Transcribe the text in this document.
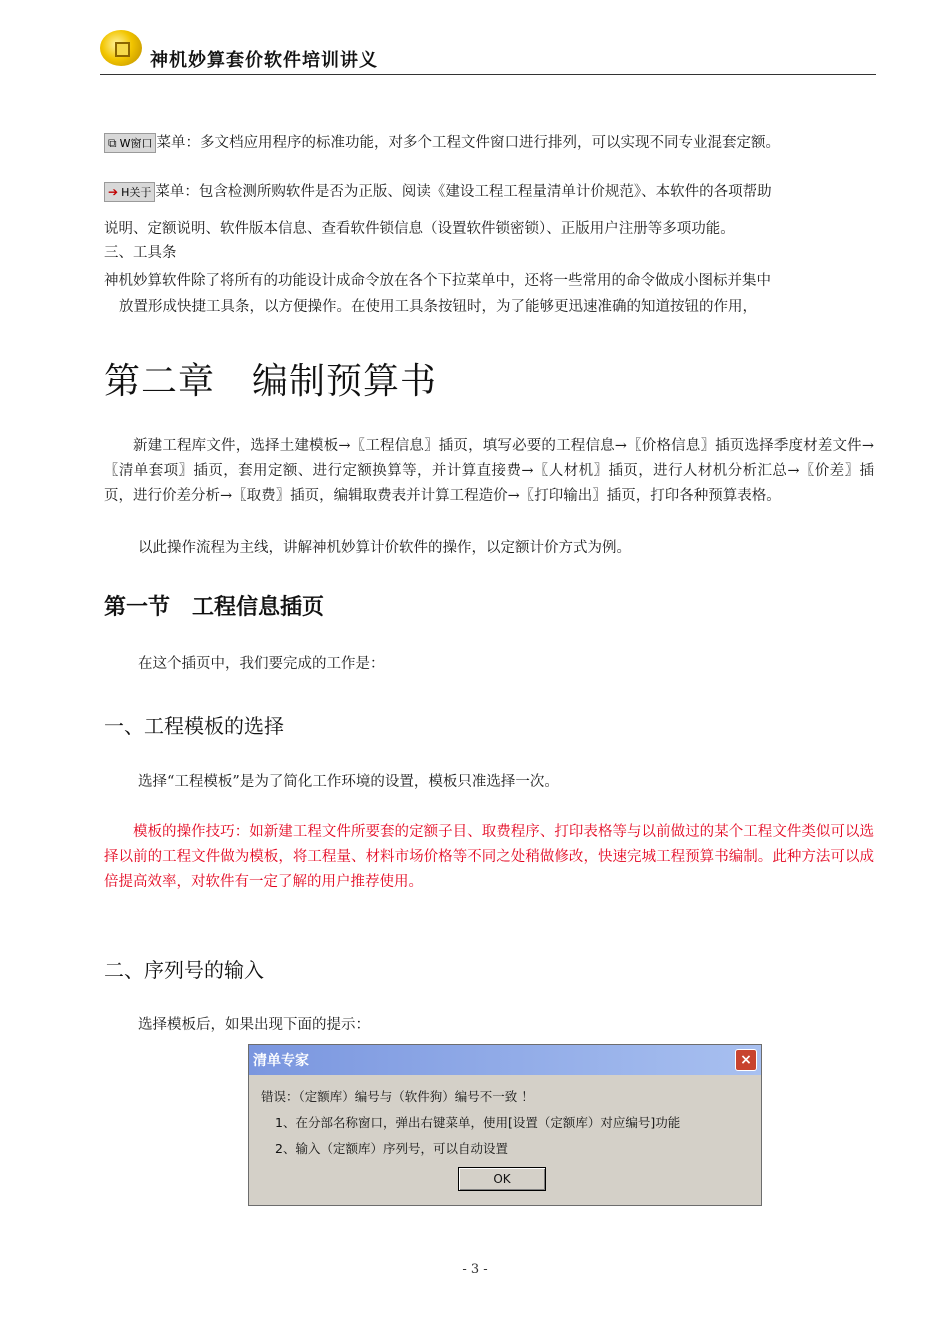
神机妙算套价软件培训讲义
⧉ W窗口 菜单：多文档应用程序的标准功能，对多个工程文件窗口进行排列，可以实现不同专业混套定额。
➔ H关于 菜单：包含检测所购软件是否为正版、阅读《建设工程工程量清单计价规范》、本软件的各项帮助
说明、定额说明、软件版本信息、查看软件锁信息（设置软件锁密锁）、正版用户注册等多项功能。
三、工具条
神机妙算软件除了将所有的功能设计成命令放在各个下拉菜单中，还将一些常用的命令做成小图标并集中
放置形成快捷工具条，以方便操作。在使用工具条按钮时，为了能够更迅速准确的知道按钮的作用，
第二章　编制预算书
新建工程库文件，选择土建模板→〖工程信息〗插页，填写必要的工程信息→〖价格信息〗插页选择季度材差文件→〖清单套项〗插页，套用定额、进行定额换算等，并计算直接费→〖人材机〗插页，进行人材机分析汇总→〖价差〗插页，进行价差分析→〖取费〗插页，编辑取费表并计算工程造价→〖打印输出〗插页，打印各种预算表格。
以此操作流程为主线，讲解神机妙算计价软件的操作，以定额计价方式为例。
第一节　工程信息插页
在这个插页中，我们要完成的工作是：
一、工程模板的选择
选择“工程模板”是为了简化工作环境的设置，模板只准选择一次。
模板的操作技巧：如新建工程文件所要套的定额子目、取费程序、打印表格等与以前做过的某个工程文件类似可以选择以前的工程文件做为模板，将工程量、材料市场价格等不同之处稍做修改，快速完城工程预算书编制。此种方法可以成倍提高效率，对软件有一定了解的用户推荐使用。
二、序列号的输入
选择模板后，如果出现下面的提示：
清单专家	×
错误：（定额库）编号与（软件狗）编号不一致 ！
1、在分部名称窗口，弹出右键菜单，使用[设置（定额库）对应编号]功能
2、输入（定额库）序列号，可以自动设置
OK
- 3 -
